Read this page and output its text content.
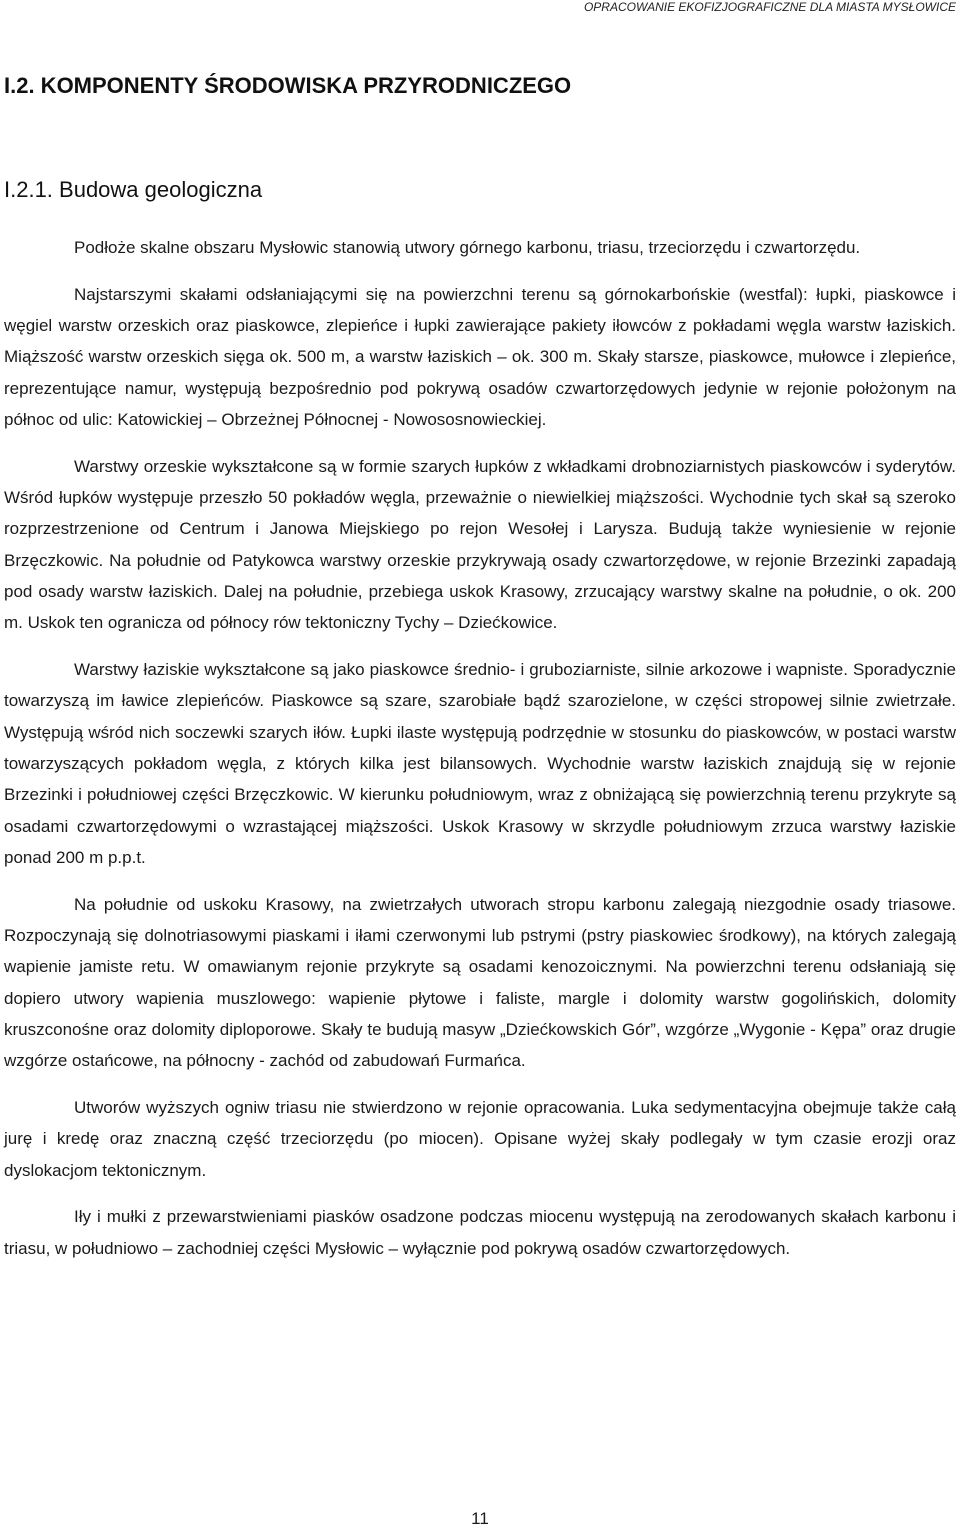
OPRACOWANIE EKOFIZJOGRAFICZNE DLA MIASTA MYSŁOWICE
I.2. KOMPONENTY ŚRODOWISKA PRZYRODNICZEGO
I.2.1. Budowa geologiczna

Podłoże skalne obszaru Mysłowic stanowią utwory górnego karbonu, triasu, trzeciorzędu i czwartorzędu.

Najstarszymi skałami odsłaniającymi się na powierzchni terenu są górnokarbońskie (westfal): łupki, piaskowce i węgiel warstw orzeskich oraz piaskowce, zlepieńce i łupki zawierające pakiety iłowców z pokładami węgla warstw łaziskich. Miąższość warstw orzeskich sięga ok. 500 m, a warstw łaziskich – ok. 300 m. Skały starsze, piaskowce, mułowce i zlepieńce, reprezentujące namur, występują bezpośrednio pod pokrywą osadów czwartorzędowych jedynie w rejonie położonym na północ od ulic: Katowickiej – Obrzeżnej Północnej - Nowososnowieckiej.

Warstwy orzeskie wykształcone są w formie szarych łupków z wkładkami drobnoziarnistych piaskowców i syderytów. Wśród łupków występuje przeszło 50 pokładów węgla, przeważnie o niewielkiej miąższości. Wychodnie tych skał są szeroko rozprzestrzenione od Centrum i Janowa Miejskiego po rejon Wesołej i Larysza. Budują także wyniesienie w rejonie Brzęczkowic. Na południe od Patykowca warstwy orzeskie przykrywają osady czwartorzędowe, w rejonie Brzezinki zapadają pod osady warstw łaziskich. Dalej na południe, przebiega uskok Krasowy, zrzucający warstwy skalne na południe, o ok. 200 m. Uskok ten ogranicza od północy rów tektoniczny Tychy – Dziećkowice.

Warstwy łaziskie wykształcone są jako piaskowce średnio- i gruboziarniste, silnie arkozowe i wapniste. Sporadycznie towarzyszą im ławice zlepieńców. Piaskowce są szare, szarobiałe bądź szarozielone, w części stropowej silnie zwietrzałe. Występują wśród nich soczewki szarych iłów. Łupki ilaste występują podrzędnie w stosunku do piaskowców, w postaci warstw towarzyszących pokładom węgla, z których kilka jest bilansowych. Wychodnie warstw łaziskich znajdują się w rejonie Brzezinki i południowej części Brzęczkowic. W kierunku południowym, wraz z obniżającą się powierzchnią terenu przykryte są osadami czwartorzędowymi o wzrastającej miąższości. Uskok Krasowy w skrzydle południowym zrzuca warstwy łaziskie ponad 200 m p.p.t.

Na południe od uskoku Krasowy, na zwietrzałych utworach stropu karbonu zalegają niezgodnie osady triasowe. Rozpoczynają się dolnotriasowymi piaskami i iłami czerwonymi lub pstrymi (pstry piaskowiec środkowy), na których zalegają wapienie jamiste retu. W omawianym rejonie przykryte są osadami kenozoicznymi. Na powierzchni terenu odsłaniają się dopiero utwory wapienia muszlowego: wapienie płytowe i faliste, margle i dolomity warstw gogolińskich, dolomity kruszconośne oraz dolomity diploporowe. Skały te budują masyw „Dziećkowskich Gór”, wzgórze „Wygonie - Kępa” oraz drugie wzgórze ostańcowe, na północny - zachód od zabudowań Furmańca.

Utworów wyższych ogniw triasu nie stwierdzono w rejonie opracowania. Luka sedymentacyjna obejmuje także całą jurę i kredę oraz znaczną część trzeciorzędu (po miocen). Opisane wyżej skały podlegały w tym czasie erozji oraz dyslokacjom tektonicznym.

Iły i mułki z przewarstwieniami piasków osadzone podczas miocenu występują na zerodowanych skałach karbonu i triasu, w południowo – zachodniej części Mysłowic – wyłącznie pod pokrywą osadów czwartorzędowych.

11
